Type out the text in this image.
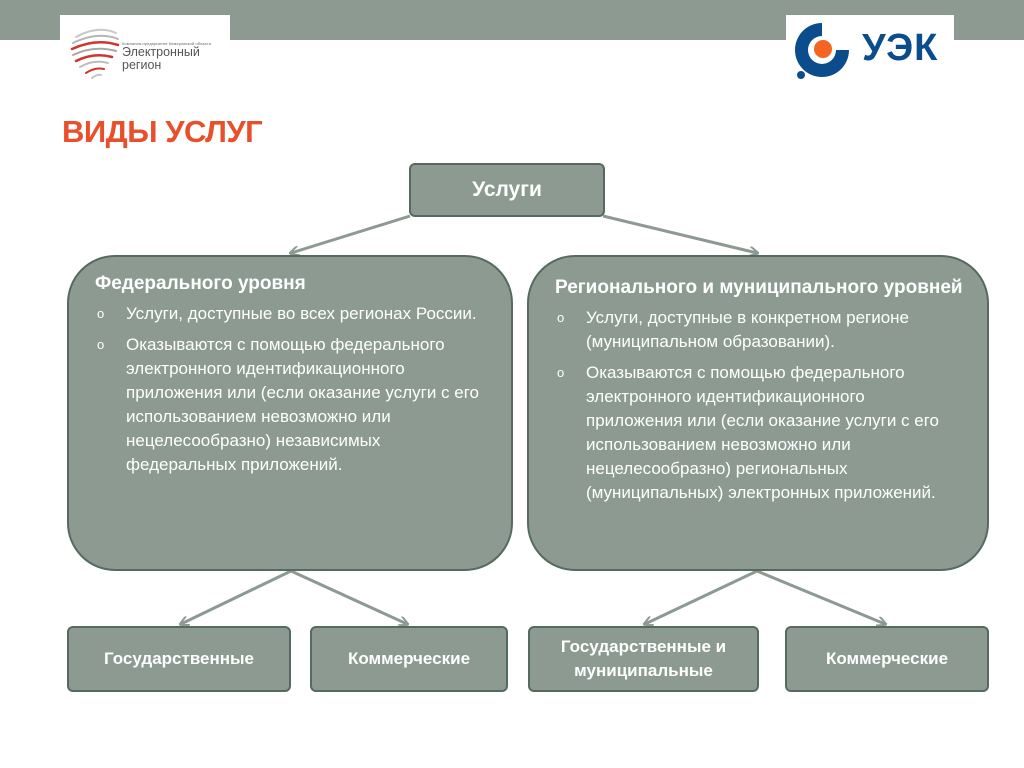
Компания-предприятие Кемеровской области
Электронный регион	УЭК
ВИДЫ УСЛУГ
Услуги
Федерального уровня
o Услуги, доступные во всех регионах России.
o Оказываются с помощью федерального электронного идентификационного приложения или (если оказание услуги с его использованием невозможно или нецелесообразно) независимых федеральных приложений.
Регионального и муниципального уровней
o Услуги, доступные в конкретном регионе (муниципальном образовании).
o Оказываются с помощью федерального электронного идентификационного приложения или (если оказание услуги с его использованием невозможно или нецелесообразно) региональных (муниципальных) электронных приложений.
Государственные	Коммерческие
Государственные и муниципальные
Коммерческие
